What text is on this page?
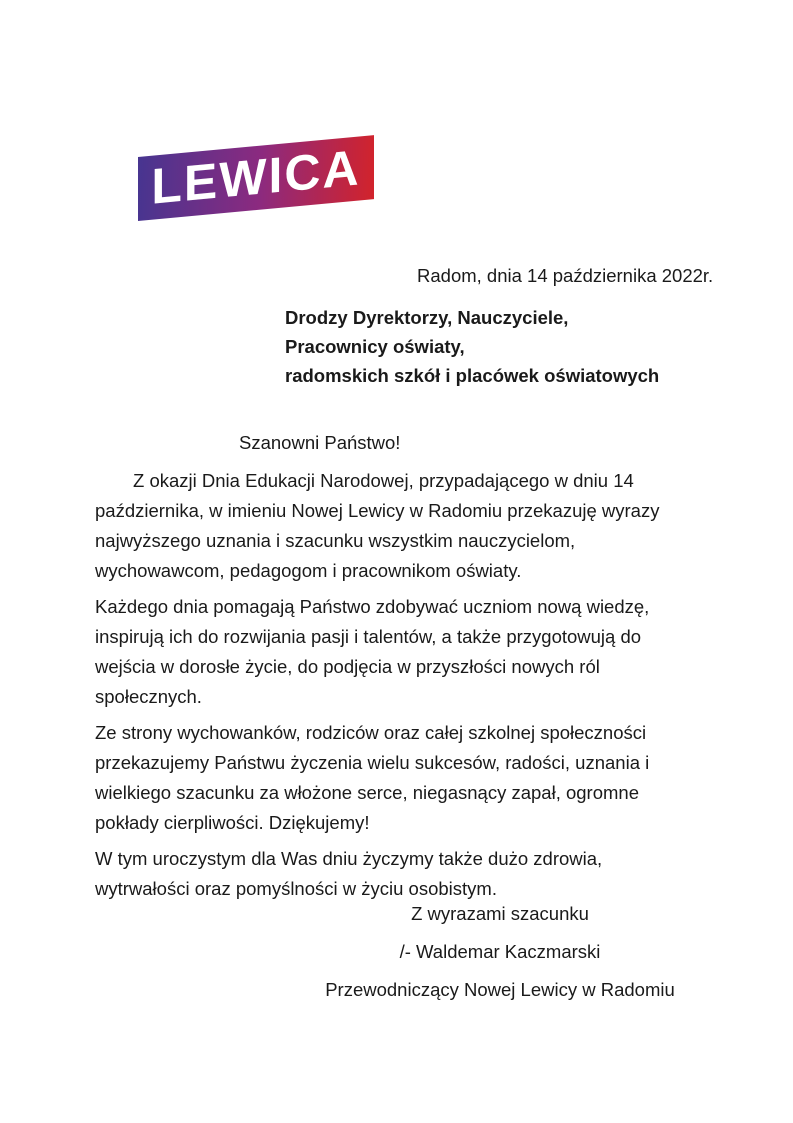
LEWICA
Radom, dnia 14 października 2022r.
Drodzy Dyrektorzy, Nauczyciele,
Pracownicy oświaty,
radomskich szkół i placówek oświatowych
Szanowni Państwo!

Z okazji Dnia Edukacji Narodowej, przypadającego w dniu 14 października, w imieniu Nowej Lewicy w Radomiu przekazuję wyrazy najwyższego uznania i szacunku wszystkim nauczycielom, wychowawcom, pedagogom i pracownikom oświaty.

Każdego dnia pomagają Państwo zdobywać uczniom nową wiedzę, inspirują ich do rozwijania pasji i talentów, a także przygotowują do wejścia w dorosłe życie, do podjęcia w przyszłości nowych ról społecznych.

Ze strony wychowanków, rodziców oraz całej szkolnej społeczności przekazujemy Państwu życzenia wielu sukcesów, radości, uznania i wielkiego szacunku za włożone serce, niegasnący zapał, ogromne pokłady cierpliwości. Dziękujemy!

W tym uroczystym dla Was dniu życzymy także dużo zdrowia, wytrwałości oraz pomyślności w życiu osobistym.

Z wyrazami szacunku
/- Waldemar Kaczmarski
Przewodniczący Nowej Lewicy w Radomiu
